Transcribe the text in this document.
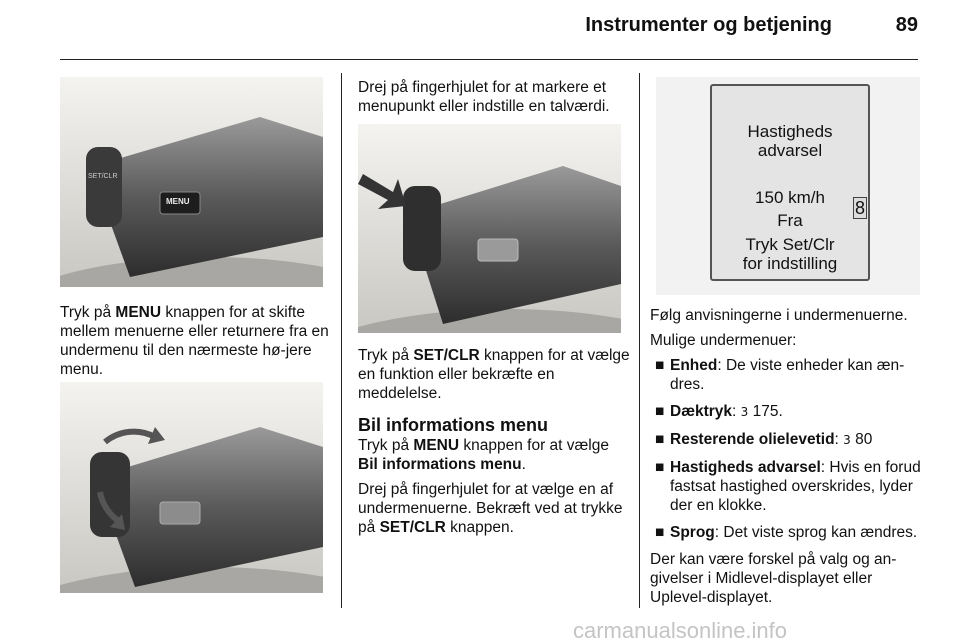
Instrumenter og betjening	89
MENU
SET/CLR

Tryk på MENU knappen for at skifte mellem menuerne eller returnere fra en undermenu til den nærmeste hø-jere menu.

Drej på fingerhjulet for at markere et menupunkt eller indstille en talværdi.

Tryk på SET/CLR knappen for at vælge en funktion eller bekræfte en meddelelse.

Bil informations menu

Tryk på MENU knappen for at vælge Bil informations menu.

Drej på fingerhjulet for at vælge en af undermenuerne. Bekræft ved at trykke på SET/CLR knappen.

Hastigheds
advarsel
150 km/h
Fra
Tryk Set/Clr
for indstilling
8

Følg anvisningerne i undermenuerne.

Mulige undermenuer:

■ Enhed: De viste enheder kan æn-dres.
■ Dæktryk: 3 175.
■ Resterende olielevetid: 3 80
■ Hastigheds advarsel: Hvis en forud fastsat hastighed overskrides, lyder der en klokke.
■ Sprog: Det viste sprog kan ændres.

Der kan være forskel på valg og an-givelser i Midlevel-displayet eller Uplevel-displayet.

carmanualsonline.info
